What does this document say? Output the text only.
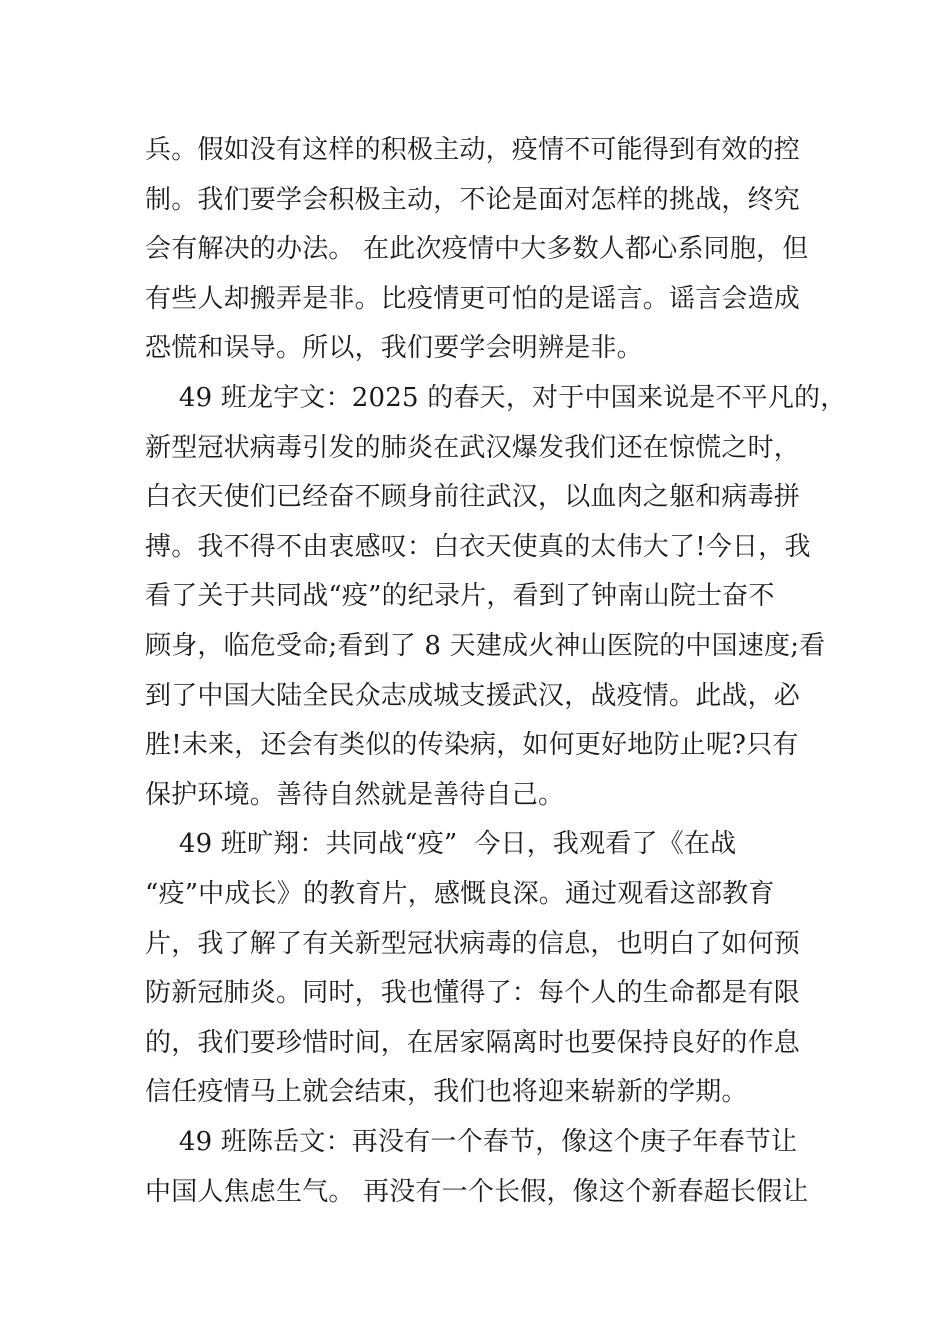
兵。假如没有这样的积极主动，疫情不可能得到有效的控
制。我们要学会积极主动，不论是面对怎样的挑战，终究
会有解决的办法。 在此次疫情中大多数人都心系同胞，但
有些人却搬弄是非。比疫情更可怕的是谣言。谣言会造成
恐慌和误导。所以，我们要学会明辨是非。
49 班龙宇文：2025 的春天，对于中国来说是不平凡的，
新型冠状病毒引发的肺炎在武汉爆发我们还在惊慌之时，
白衣天使们已经奋不顾身前往武汉，以血肉之躯和病毒拼
搏。我不得不由衷感叹：白衣天使真的太伟大了!今日，我
看了关于共同战“疫”的纪录片，看到了钟南山院士奋不
顾身，临危受命;看到了 8 天建成火神山医院的中国速度;看
到了中国大陆全民众志成城支援武汉，战疫情。此战，必
胜!未来，还会有类似的传染病，如何更好地防止呢?只有
保护环境。善待自然就是善待自己。
49 班旷翔：共同战“疫”  今日，我观看了《在战
“疫”中成长》的教育片，感慨良深。通过观看这部教育
片，我了解了有关新型冠状病毒的信息，也明白了如何预
防新冠肺炎。同时，我也懂得了：每个人的生命都是有限
的，我们要珍惜时间，在居家隔离时也要保持良好的作息
信任疫情马上就会结束，我们也将迎来崭新的学期。
49 班陈岳文：再没有一个春节，像这个庚子年春节让
中国人焦虑生气。 再没有一个长假，像这个新春超长假让
